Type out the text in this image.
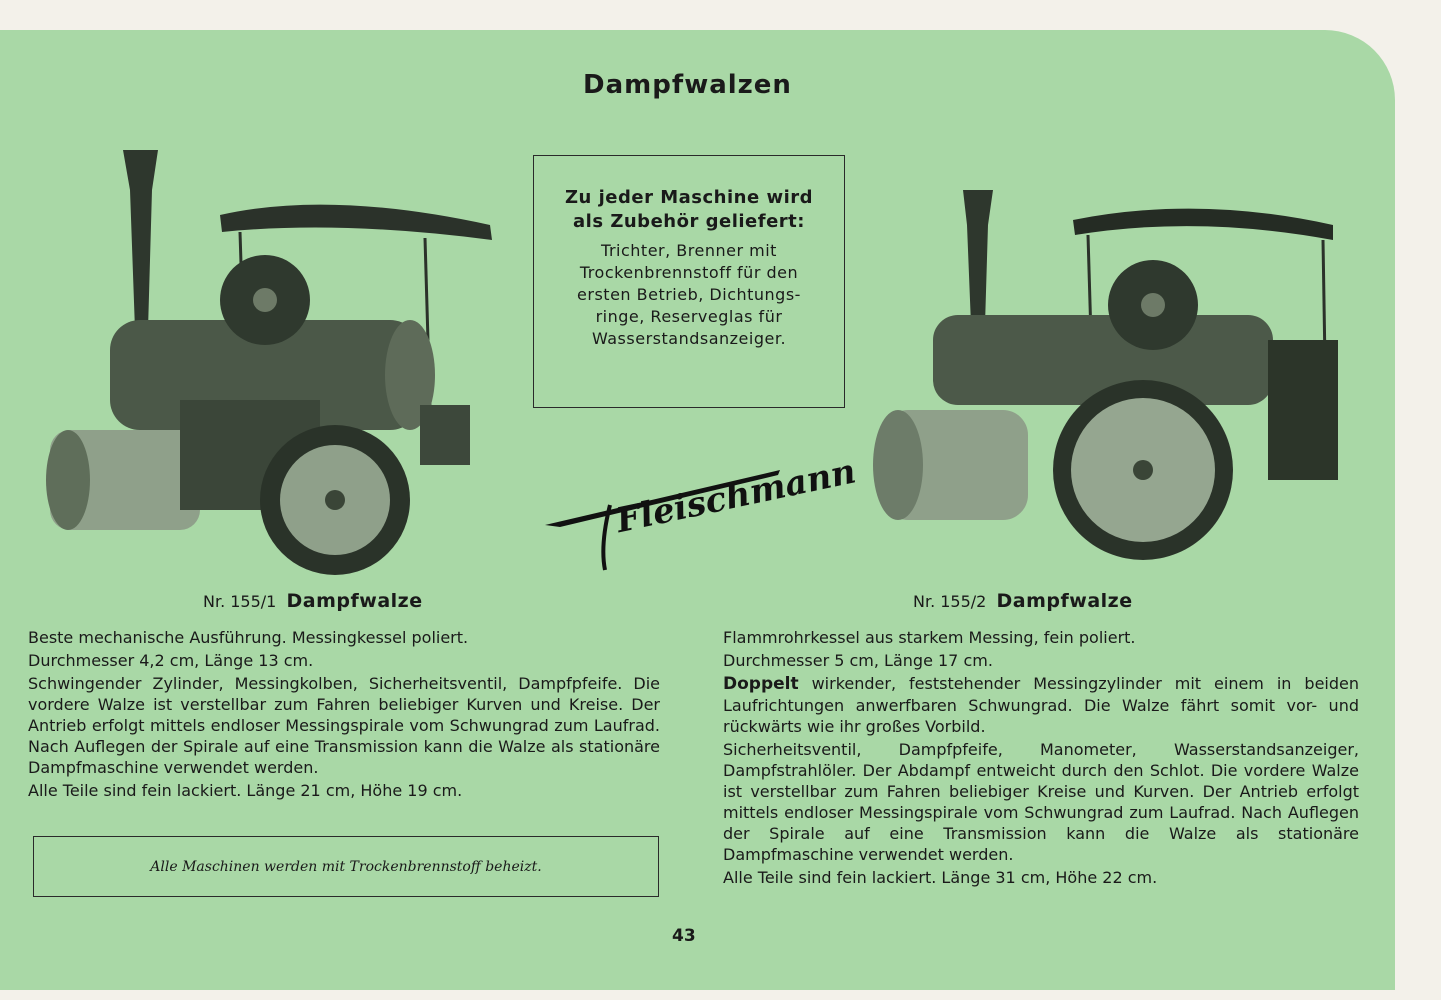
Dampfwalzen
Zu jeder Maschine wird
als Zubehör geliefert:
Trichter, Brenner mit
Trockenbrennstoff für den
ersten Betrieb, Dichtungs-
ringe, Reserveglas für
Wasserstandsanzeiger.
Fleischmann
Nr. 155/1 Dampfwalze

Beste mechanische Ausführung. Messingkessel poliert.

Durchmesser 4,2 cm, Länge 13 cm.

Schwingender Zylinder, Messingkolben, Sicherheitsventil, Dampfpfeife. Die vordere Walze ist verstellbar zum Fahren beliebiger Kurven und Kreise. Der Antrieb erfolgt mittels endloser Messingspirale vom Schwungrad zum Laufrad. Nach Auflegen der Spirale auf eine Transmission kann die Walze als stationäre Dampfmaschine verwendet werden.

Alle Teile sind fein lackiert. Länge 21 cm, Höhe 19 cm.

Nr. 155/2 Dampfwalze

Flammrohrkessel aus starkem Messing, fein poliert.

Durchmesser 5 cm, Länge 17 cm.

Doppelt wirkender, feststehender Messingzylinder mit einem in beiden Laufrichtungen anwerfbaren Schwungrad. Die Walze fährt somit vor- und rückwärts wie ihr großes Vorbild.

Sicherheitsventil, Dampfpfeife, Manometer, Wasserstandsanzeiger, Dampfstrahlöler. Der Abdampf entweicht durch den Schlot. Die vordere Walze ist verstellbar zum Fahren beliebiger Kreise und Kurven. Der Antrieb erfolgt mittels endloser Messingspirale vom Schwungrad zum Laufrad. Nach Auflegen der Spirale auf eine Transmission kann die Walze als stationäre Dampfmaschine verwendet werden.

Alle Teile sind fein lackiert. Länge 31 cm, Höhe 22 cm.

Alle Maschinen werden mit Trockenbrennstoff beheizt.
43
